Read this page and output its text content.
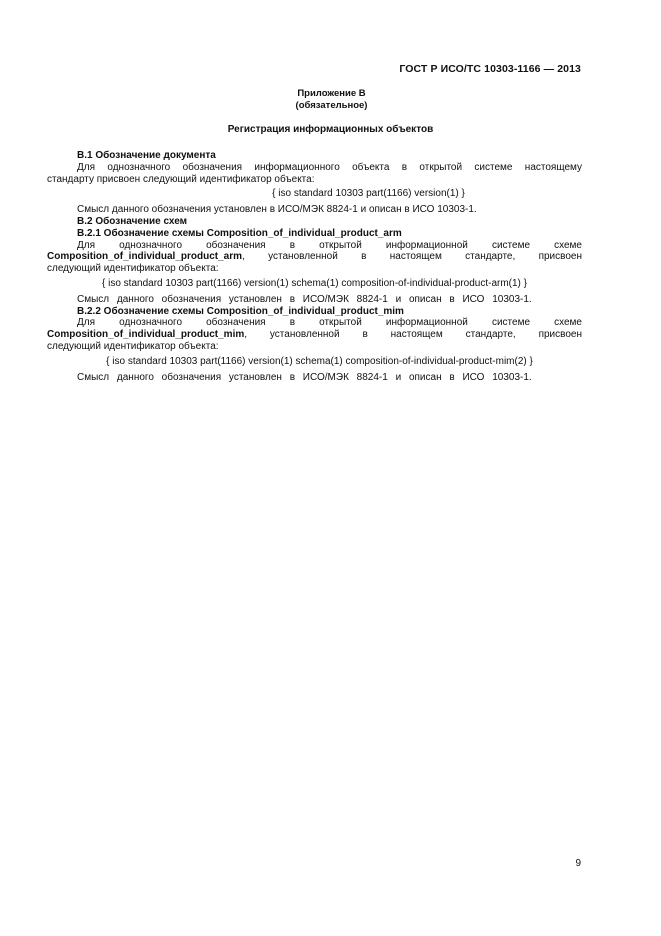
ГОСТ Р ИСО/ТС 10303-1166 — 2013
Приложение В
(обязательное)
Регистрация информационных объектов
В.1 Обозначение документа
Для однозначного обозначения информационного объекта в открытой системе настоящему
стандарту присвоен следующий идентификатор объекта:
{ iso standard 10303 part(1166) version(1) }
Смысл данного обозначения установлен в ИСО/МЭК 8824-1 и описан в ИСО 10303-1.
В.2 Обозначение схем
В.2.1 Обозначение схемы Composition_of_individual_product_arm
Для однозначного обозначения в открытой информационной системе схеме
Composition_of_individual_product_arm, установленной в настоящем стандарте, присвоен
следующий идентификатор объекта:
{ iso standard 10303 part(1166) version(1) schema(1) composition-of-individual-product-arm(1) }
Смысл данного обозначения установлен в ИСО/МЭК 8824-1 и описан в ИСО 10303-1.
В.2.2 Обозначение схемы Composition_of_individual_product_mim
Для однозначного обозначения в открытой информационной системе схеме
Composition_of_individual_product_mim, установленной в настоящем стандарте, присвоен
следующий идентификатор объекта:
{ iso standard 10303 part(1166) version(1) schema(1) composition-of-individual-product-mim(2) }
Смысл данного обозначения установлен в ИСО/МЭК 8824-1 и описан в ИСО 10303-1.
9
